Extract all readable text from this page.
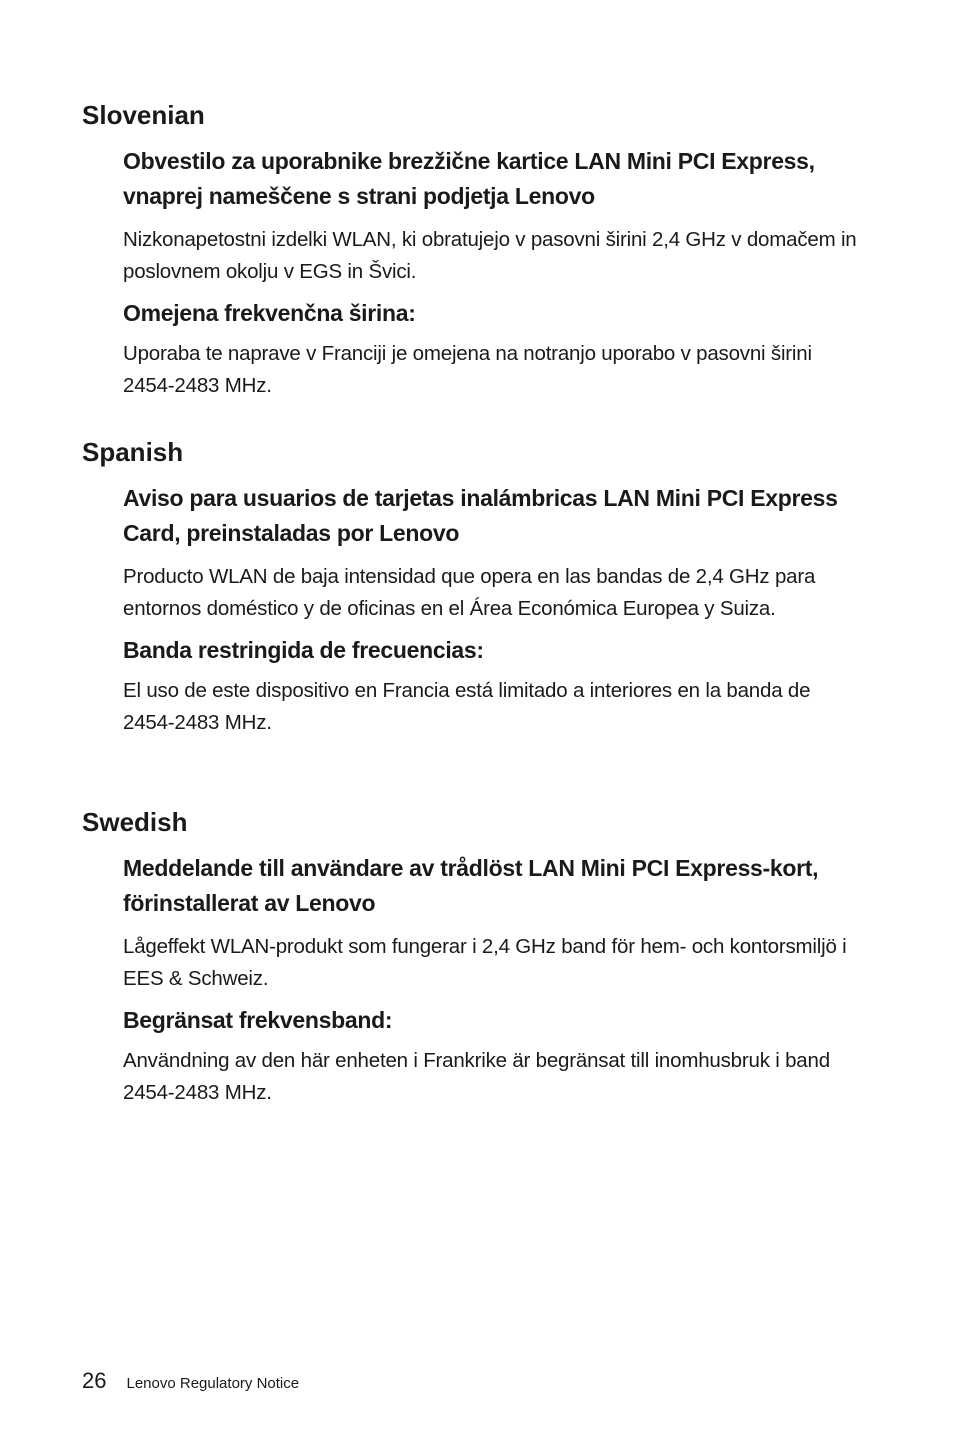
Slovenian
Obvestilo za uporabnike brezžične kartice LAN Mini PCI Express, vnaprej nameščene s strani podjetja Lenovo

Nizkonapetostni izdelki WLAN, ki obratujejo v pasovni širini 2,4 GHz v domačem in poslovnem okolju v EGS in Švici.

Omejena frekvenčna širina:

Uporaba te naprave v Franciji je omejena na notranjo uporabo v pasovni širini 2454-2483 MHz.

Spanish
Aviso para usuarios de tarjetas inalámbricas LAN Mini PCI Express Card, preinstaladas por Lenovo

Producto WLAN de baja intensidad que opera en las bandas de 2,4 GHz para entornos doméstico y de oficinas en el Área Económica Europea y Suiza.

Banda restringida de frecuencias:

El uso de este dispositivo en Francia está limitado a interiores en la banda de 2454-2483 MHz.

Swedish
Meddelande till användare av trådlöst LAN Mini PCI Express-kort, förinstallerat av Lenovo

Lågeffekt WLAN-produkt som fungerar i 2,4 GHz band för hem- och kontorsmiljö i EES & Schweiz.

Begränsat frekvensband:

Användning av den här enheten i Frankrike är begränsat till inomhusbruk i band 2454-2483 MHz.

26 Lenovo Regulatory Notice
